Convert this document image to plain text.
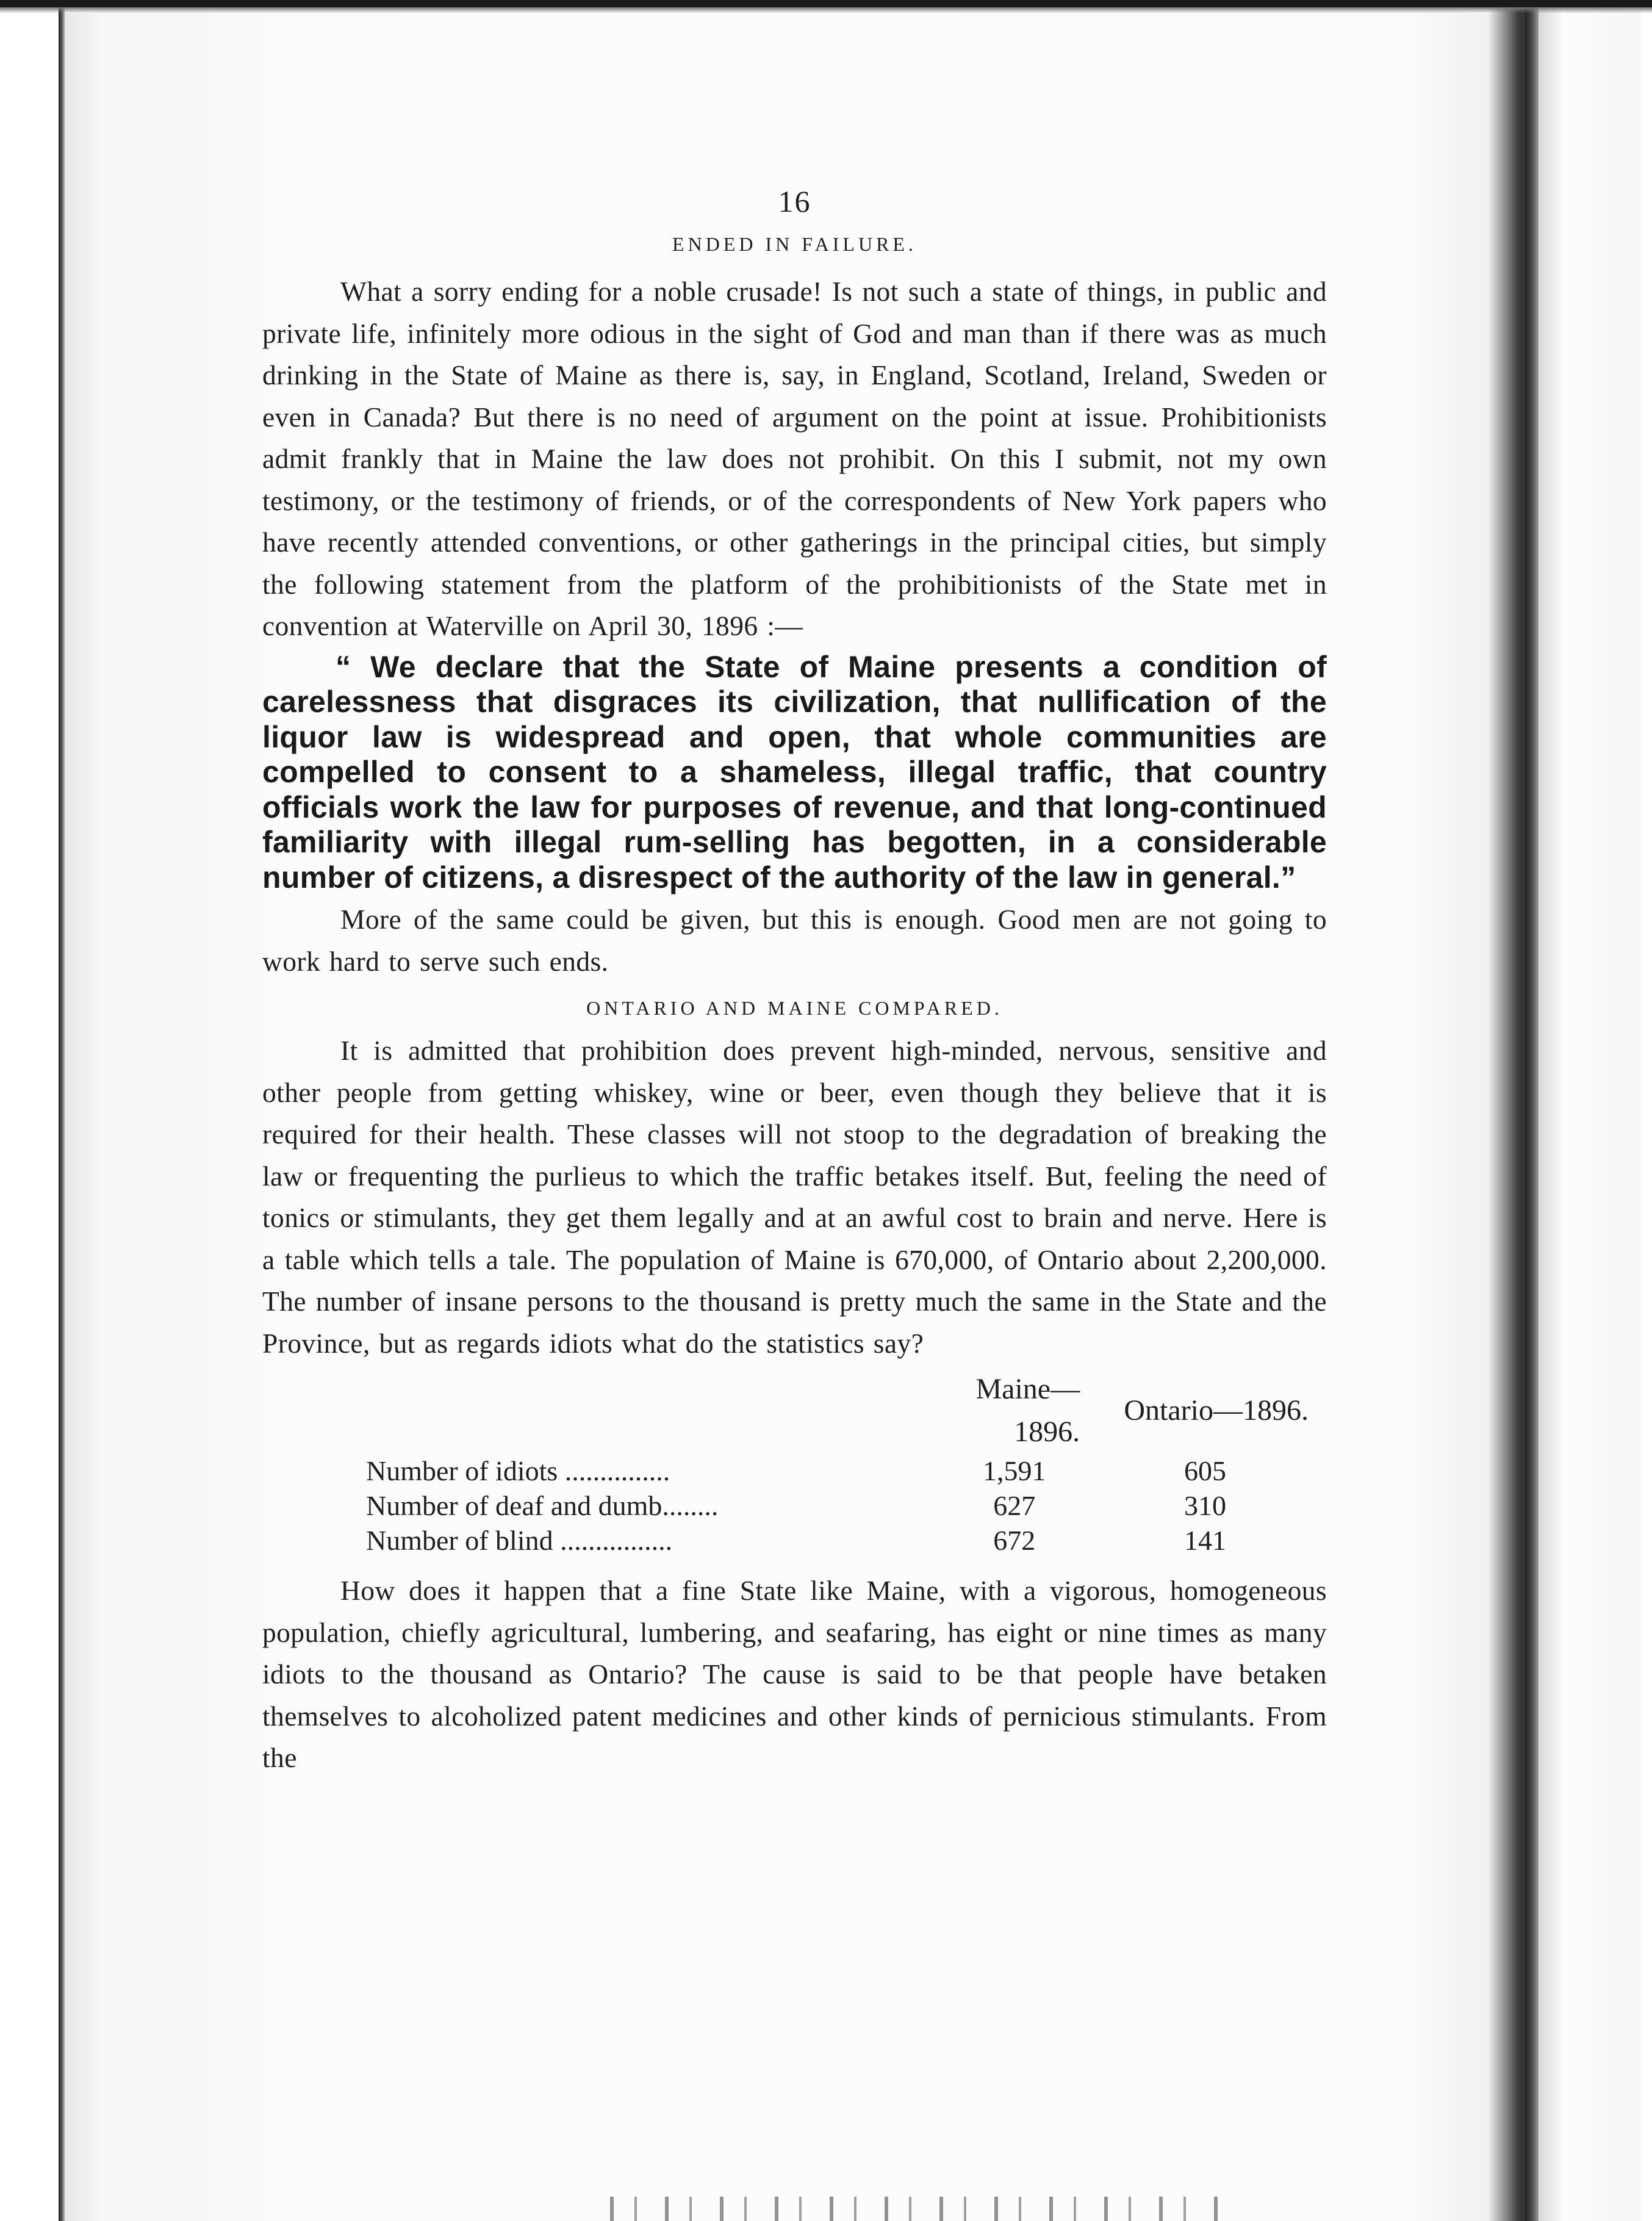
16
ENDED IN FAILURE.

What a sorry ending for a noble crusade! Is not such a state of things, in public and private life, infinitely more odious in the sight of God and man than if there was as much drinking in the State of Maine as there is, say, in England, Scotland, Ireland, Sweden or even in Canada? But there is no need of argument on the point at issue. Prohibitionists admit frankly that in Maine the law does not prohibit. On this I submit, not my own testimony, or the testimony of friends, or of the correspondents of New York papers who have recently attended conventions, or other gatherings in the principal cities, but simply the following statement from the platform of the prohibitionists of the State met in convention at Waterville on April 30, 1896 :—

“ We declare that the State of Maine presents a condition of carelessness that disgraces its civilization, that nullification of the liquor law is widespread and open, that whole communities are compelled to consent to a shameless, illegal traffic, that country officials work the law for purposes of revenue, and that long-continued familiarity with illegal rum-selling has begotten, in a considerable number of citizens, a disrespect of the authority of the law in general.”

More of the same could be given, but this is enough. Good men are not going to work hard to serve such ends.

ONTARIO AND MAINE COMPARED.

It is admitted that prohibition does prevent high-minded, nervous, sensitive and other people from getting whiskey, wine or beer, even though they believe that it is required for their health. These classes will not stoop to the degradation of breaking the law or frequenting the purlieus to which the traffic betakes itself. But, feeling the need of tonics or stimulants, they get them legally and at an awful cost to brain and nerve. Here is a table which tells a tale. The population of Maine is 670,000, of Ontario about 2,200,000. The number of insane persons to the thousand is pretty much the same in the State and the Province, but as regards idiots what do the statistics say?

	Maine—1896.	Ontario—1896.
Number of idiots ...............	1,591	605
Number of deaf and dumb........	627	310
Number of blind ................	672	141

How does it happen that a fine State like Maine, with a vigorous, homogeneous population, chiefly agricultural, lumbering, and seafaring, has eight or nine times as many idiots to the thousand as Ontario? The cause is said to be that people have betaken themselves to alcoholized patent medicines and other kinds of pernicious stimulants. From the
